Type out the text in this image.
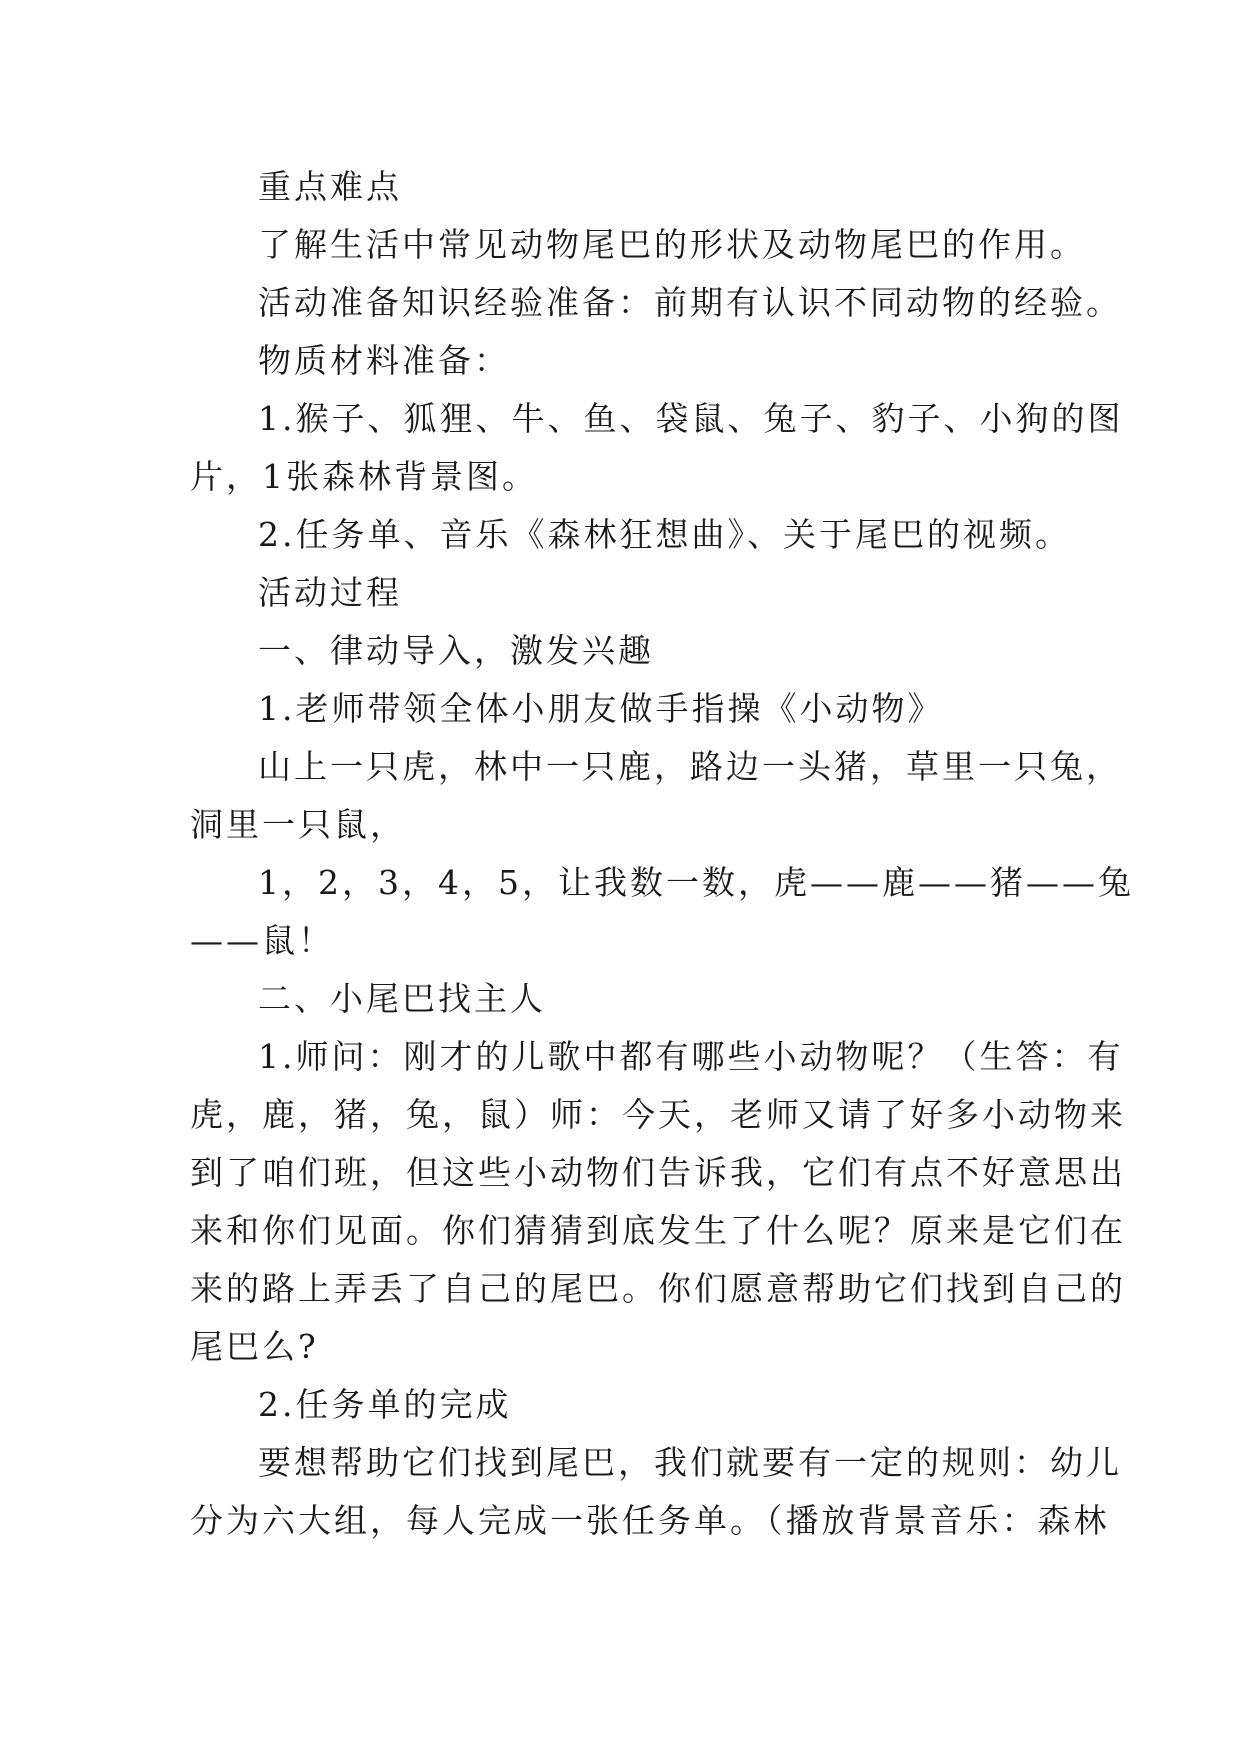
重点难点

了解生活中常见动物尾巴的形状及动物尾巴的作用。

活动准备知识经验准备：前期有认识不同动物的经验。

物质材料准备：

1.猴子、狐狸、牛、鱼、袋鼠、兔子、豹子、小狗的图

片，1张森林背景图。

2.任务单、音乐《森林狂想曲》、关于尾巴的视频。

活动过程

一、律动导入，激发兴趣

1.老师带领全体小朋友做手指操《小动物》

山上一只虎，林中一只鹿，路边一头猪，草里一只兔，

洞里一只鼠，

1，2，3，4，5，让我数一数，虎——鹿——猪——兔

——鼠！

二、小尾巴找主人

1.师问：刚才的儿歌中都有哪些小动物呢？（生答：有

虎，鹿，猪，兔，鼠）师：今天，老师又请了好多小动物来

到了咱们班，但这些小动物们告诉我，它们有点不好意思出

来和你们见面。你们猜猜到底发生了什么呢？原来是它们在

来的路上弄丢了自己的尾巴。你们愿意帮助它们找到自己的

尾巴么?

2.任务单的完成

要想帮助它们找到尾巴，我们就要有一定的规则：幼儿

分为六大组，每人完成一张任务单。（播放背景音乐：森林
